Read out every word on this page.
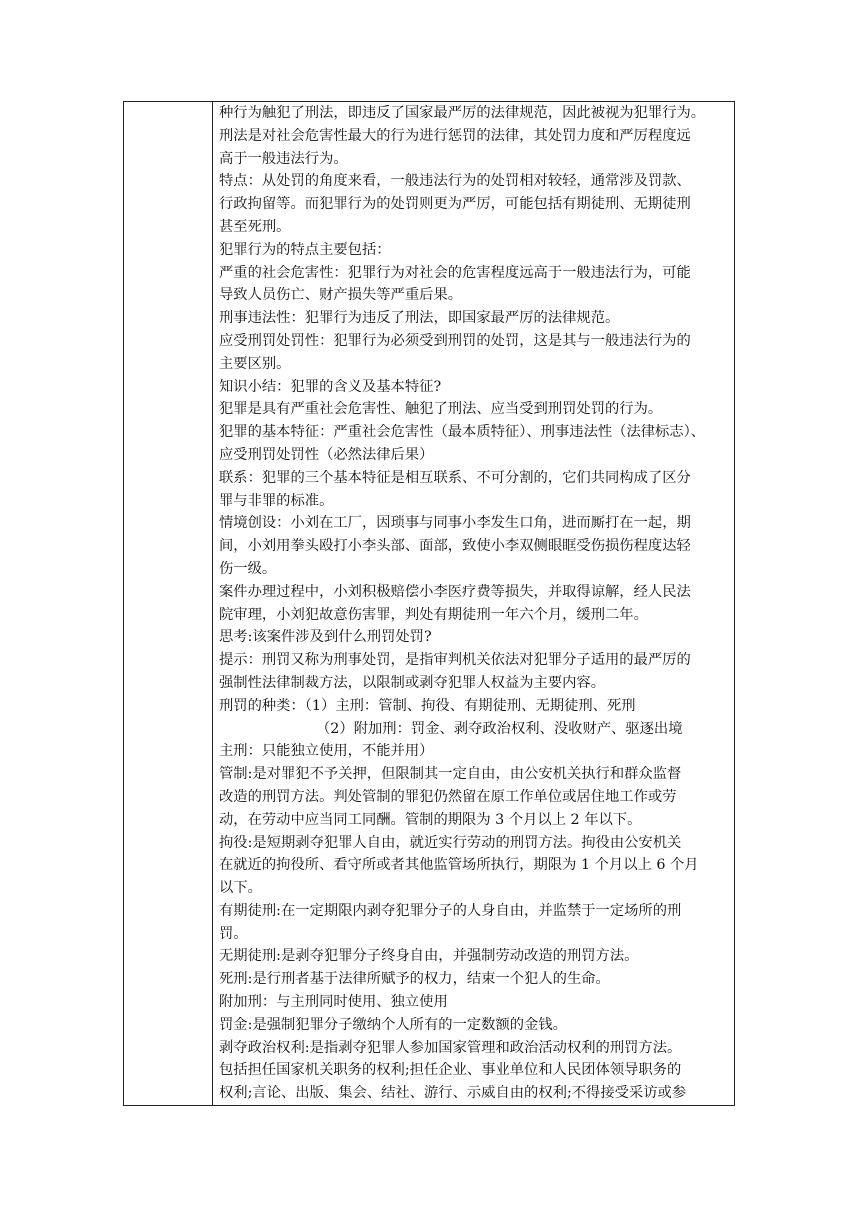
种行为触犯了刑法，即违反了国家最严厉的法律规范，因此被视为犯罪行为。
刑法是对社会危害性最大的行为进行惩罚的法律，其处罚力度和严厉程度远
高于一般违法行为。
特点：从处罚的角度来看，一般违法行为的处罚相对较轻，通常涉及罚款、
行政拘留等。而犯罪行为的处罚则更为严厉，可能包括有期徒刑、无期徒刑
甚至死刑。
犯罪行为的特点主要包括：
严重的社会危害性：犯罪行为对社会的危害程度远高于一般违法行为，可能
导致人员伤亡、财产损失等严重后果。
刑事违法性：犯罪行为违反了刑法，即国家最严厉的法律规范。
应受刑罚处罚性：犯罪行为必须受到刑罚的处罚，这是其与一般违法行为的
主要区别。
知识小结：犯罪的含义及基本特征?
犯罪是具有严重社会危害性、触犯了刑法、应当受到刑罚处罚的行为。
犯罪的基本特征：严重社会危害性（最本质特征）、刑事违法性（法律标志）、
应受刑罚处罚性（必然法律后果）
联系：犯罪的三个基本特征是相互联系、不可分割的，它们共同构成了区分
罪与非罪的标准。
情境创设：小刘在工厂，因琐事与同事小李发生口角，进而厮打在一起，期
间，小刘用拳头殴打小李头部、面部，致使小李双侧眼眶受伤损伤程度达轻
伤一级。
案件办理过程中，小刘积极赔偿小李医疗费等损失，并取得谅解，经人民法
院审理，小刘犯故意伤害罪，判处有期徒刑一年六个月，缓刑二年。
思考:该案件涉及到什么刑罚处罚?
提示：刑罚又称为刑事处罚，是指审判机关依法对犯罪分子适用的最严厉的
强制性法律制裁方法，以限制或剥夺犯罪人权益为主要内容。
刑罚的种类：（1）主刑：管制、拘役、有期徒刑、无期徒刑、死刑
（2）附加刑：罚金、剥夺政治权利、没收财产、驱逐出境
主刑：只能独立使用，不能并用）
管制:是对罪犯不予关押，但限制其一定自由，由公安机关执行和群众监督
改造的刑罚方法。判处管制的罪犯仍然留在原工作单位或居住地工作或劳
动，在劳动中应当同工同酬。管制的期限为 3 个月以上 2 年以下。
拘役:是短期剥夺犯罪人自由，就近实行劳动的刑罚方法。拘役由公安机关
在就近的拘役所、看守所或者其他监管场所执行，期限为 1 个月以上 6 个月
以下。
有期徒刑:在一定期限内剥夺犯罪分子的人身自由，并监禁于一定场所的刑
罚。
无期徒刑:是剥夺犯罪分子终身自由，并强制劳动改造的刑罚方法。
死刑:是行刑者基于法律所赋予的权力，结束一个犯人的生命。
附加刑：与主刑同时使用、独立使用
罚金:是强制犯罪分子缴纳个人所有的一定数额的金钱。
剥夺政治权利:是指剥夺犯罪人参加国家管理和政治活动权利的刑罚方法。
包括担任国家机关职务的权利;担任企业、事业单位和人民团体领导职务的
权利;言论、出版、集会、结社、游行、示威自由的权利;不得接受采访或参
